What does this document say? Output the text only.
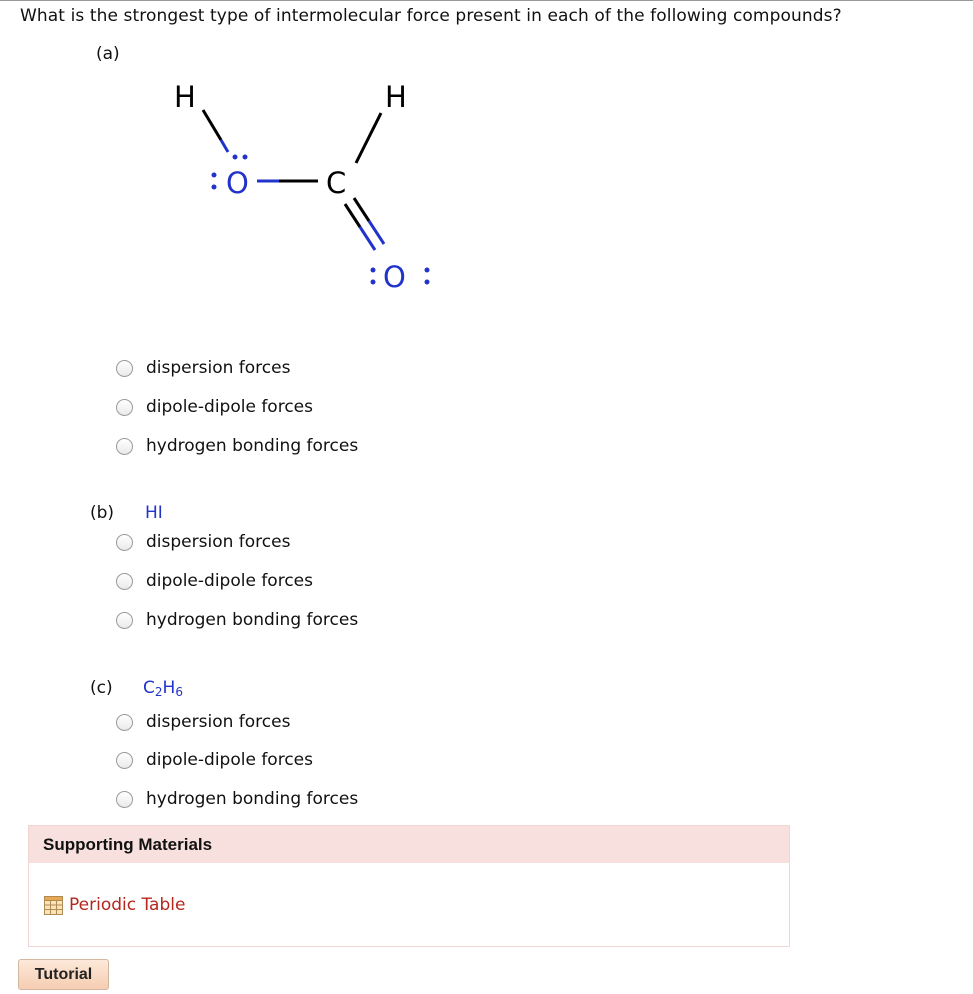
What is the strongest type of intermolecular force present in each of the following compounds?
(a)
H	H
O	C
O
dispersion forces
dipole-dipole forces
hydrogen bonding forces
(b) HI
dispersion forces
dipole-dipole forces
hydrogen bonding forces
(c) $C_2H_6$
dispersion forces
dipole-dipole forces
hydrogen bonding forces
Supporting Materials
Periodic Table
Tutorial
